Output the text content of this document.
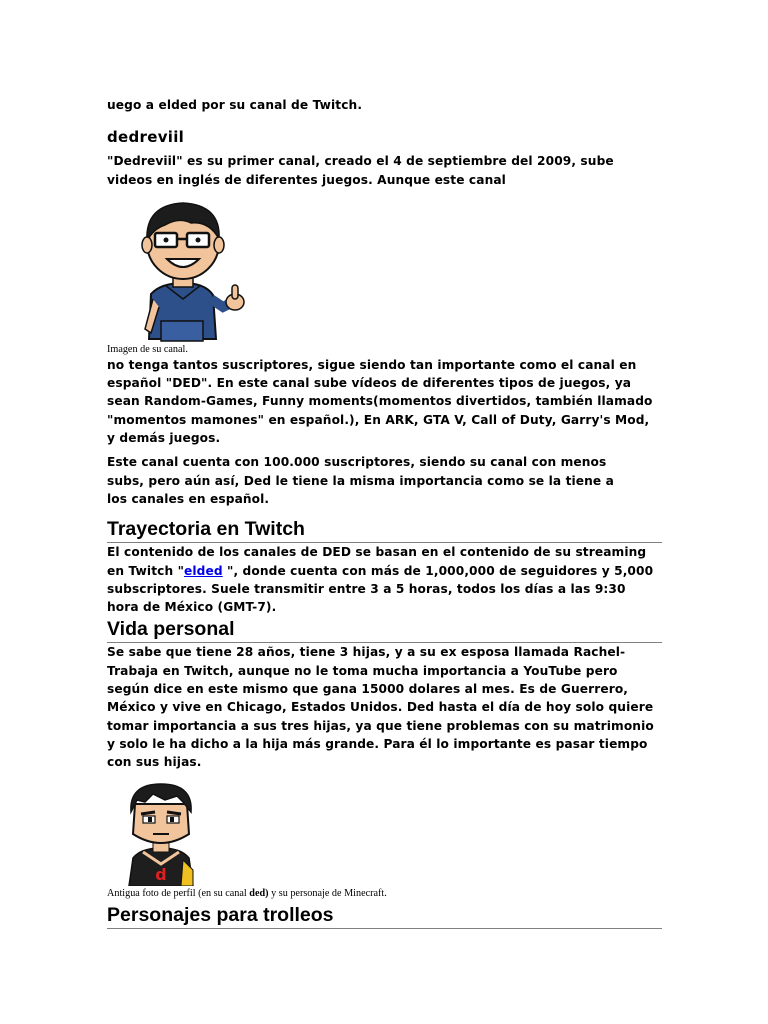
uego a elded por su canal de Twitch.

dedreviil

"Dedreviil" es su primer canal, creado el 4 de septiembre del 2009, sube videos en inglés de diferentes juegos. Aunque este canal

Imagen de su canal.

no tenga tantos suscriptores, sigue siendo tan importante como el canal en español "DED". En este canal sube vídeos de diferentes tipos de juegos, ya sean Random-Games, Funny moments(momentos divertidos, también llamado "momentos mamones" en español.), En ARK, GTA V, Call of Duty, Garry's Mod, y demás juegos.

Este canal cuenta con 100.000 suscriptores, siendo su canal con menos subs, pero aún así, Ded le tiene la misma importancia como se la tiene a los canales en español.

Trayectoria en Twitch

El contenido de los canales de DED se basan en el contenido de su streaming en Twitch "elded ", donde cuenta con más de 1,000,000 de seguidores y 5,000 subscriptores. Suele transmitir entre 3 a 5 horas, todos los días a las 9:30 hora de México (GMT-7).

Vida personal

Se sabe que tiene 28 años, tiene 3 hijas, y a su ex esposa llamada Rachel- Trabaja en Twitch, aunque no le toma mucha importancia a YouTube pero según dice en este mismo que gana 15000 dolares al mes. Es de Guerrero, México y vive en Chicago, Estados Unidos. Ded hasta el día de hoy solo quiere tomar importancia a sus tres hijas, ya que tiene problemas con su matrimonio y solo le ha dicho a la hija más grande. Para él lo importante es pasar tiempo con sus hijas.

d

Antigua foto de perfil (en su canal ded) y su personaje de Minecraft.

Personajes para trolleos
